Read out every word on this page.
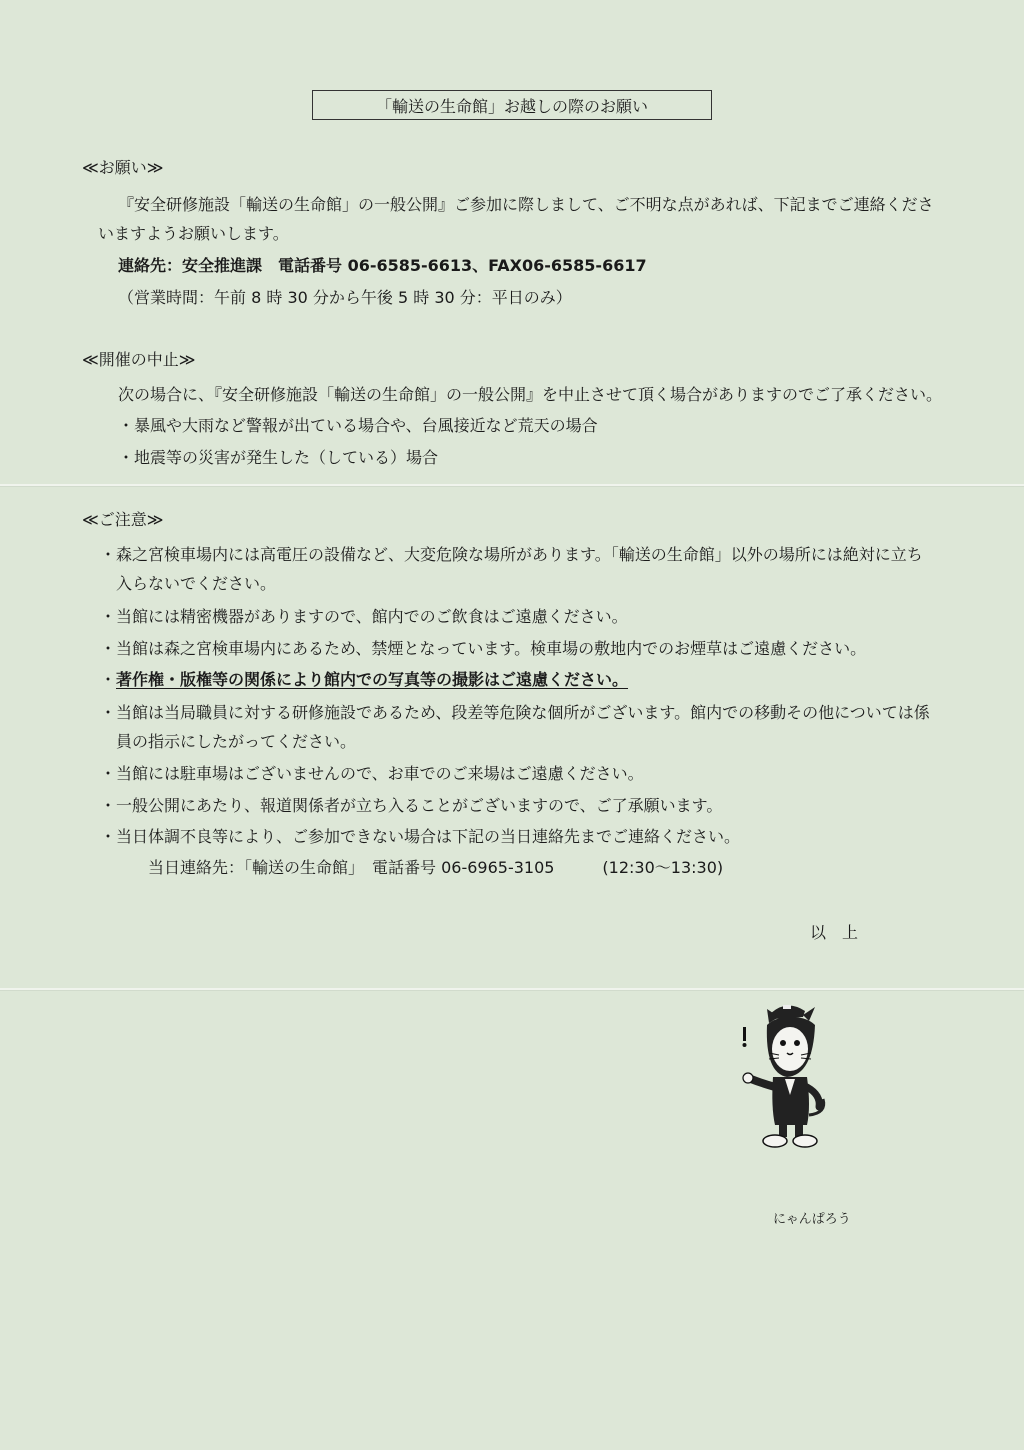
「輸送の生命館」お越しの際のお願い
≪お願い≫
『安全研修施設「輸送の生命館」の一般公開』ご参加に際しまして、ご不明な点があれば、下記までご連絡くださ
いますようお願いします。
連絡先：安全推進課　電話番号 06-6585-6613、FAX06-6585-6617
（営業時間：午前 8 時 30 分から午後 5 時 30 分：平日のみ）
≪開催の中止≫
次の場合に、『安全研修施設「輸送の生命館」の一般公開』を中止させて頂く場合がありますのでご了承ください。
・暴風や大雨など警報が出ている場合や、台風接近など荒天の場合
・地震等の災害が発生した（している）場合
≪ご注意≫
・森之宮検車場内には高電圧の設備など、大変危険な場所があります。「輸送の生命館」以外の場所には絶対に立ち
入らないでください。
・当館には精密機器がありますので、館内でのご飲食はご遠慮ください。
・当館は森之宮検車場内にあるため、禁煙となっています。検車場の敷地内でのお煙草はご遠慮ください。
・ 著作権・版権等の関係により館内での写真等の撮影はご遠慮ください。
・当館は当局職員に対する研修施設であるため、段差等危険な個所がございます。館内での移動その他については係
員の指示にしたがってください。
・当館には駐車場はございませんので、お車でのご来場はご遠慮ください。
・一般公開にあたり、報道関係者が立ち入ることがございますので、ご了承願います。
・当日体調不良等により、ご参加できない場合は下記の当日連絡先までご連絡ください。
当日連絡先：「輸送の生命館」　電話番号 06-6965-3105　　　(12:30～13:30)
以　上
にゃんぱろう
